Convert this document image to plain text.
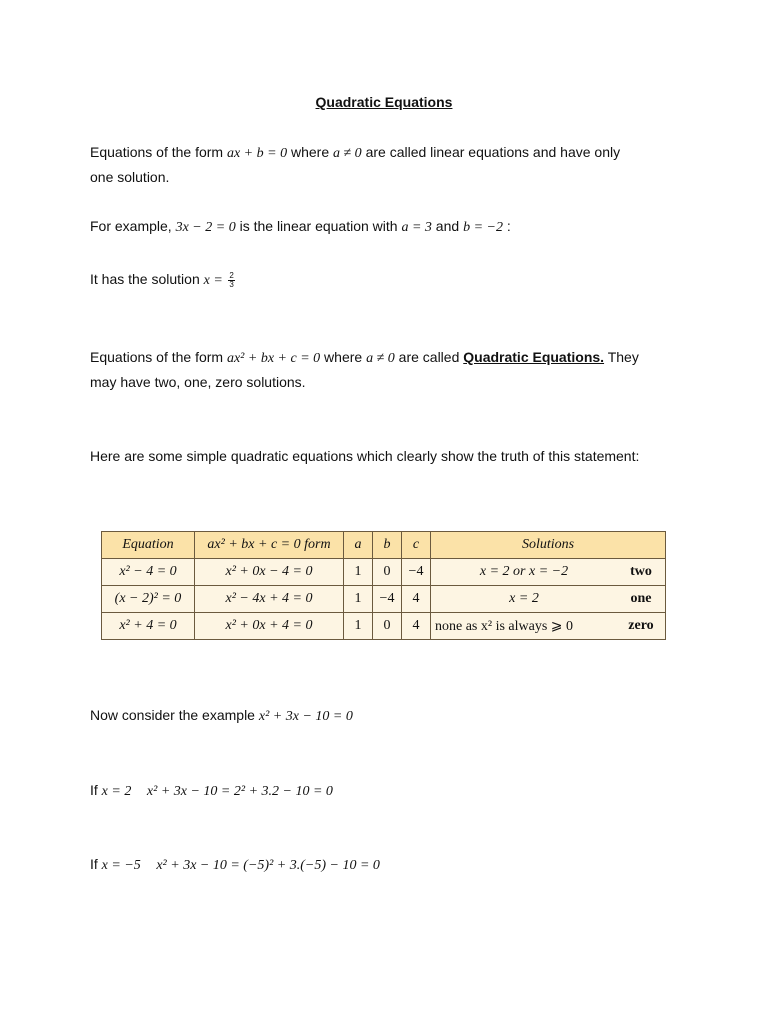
Quadratic Equations
Equations of the form ax + b = 0 where a ≠ 0 are called linear equations and have only
one solution.
For example, 3x − 2 = 0 is the linear equation with a = 3 and b = −2 :
It has the solution $x = \frac{2}{3}$
Equations of the form ax² + bx + c = 0 where a ≠ 0 are called Quadratic Equations. They
may have two, one, zero solutions.
Here are some simple quadratic equations which clearly show the truth of this statement:
Equation	ax² + bx + c = 0 form	a	b	c	Solutions	
x² − 4 = 0	x² + 0x − 4 = 0	1	0	−4	x = 2 or x = −2	two
(x − 2)² = 0	x² − 4x + 4 = 0	1	−4	4	x = 2	one
x² + 4 = 0	x² + 0x + 4 = 0	1	0	4	none as x² is always ⩾ 0	zero
Now consider the example x² + 3x − 10 = 0
If x = 2 x² + 3x − 10 = 2² + 3.2 − 10 = 0
If x = −5 x² + 3x − 10 = (−5)² + 3.(−5) − 10 = 0
